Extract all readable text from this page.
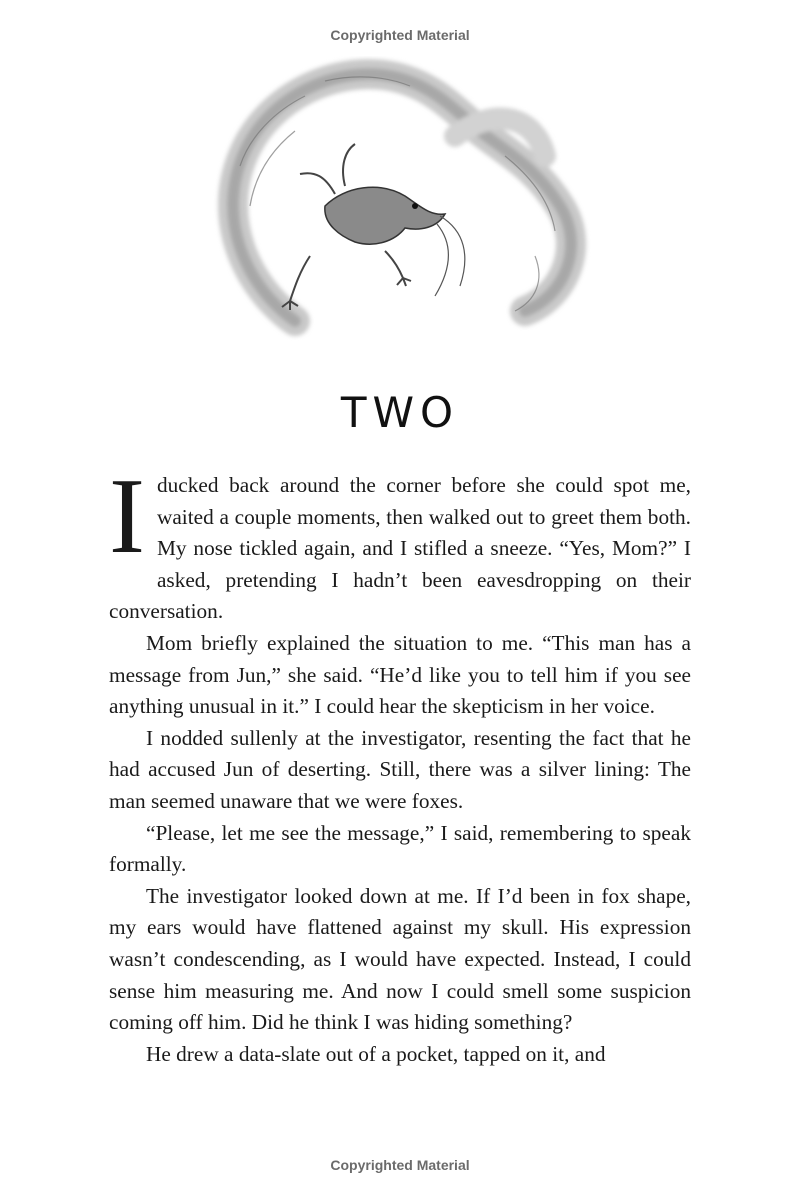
Copyrighted Material
TWO

I ducked back around the corner before she could spot me, waited a couple moments, then walked out to greet them both. My nose tickled again, and I stifled a sneeze. “Yes, Mom?” I asked, pretending I hadn’t been eavesdropping on their conversation.

Mom briefly explained the situation to me. “This man has a message from Jun,” she said. “He’d like you to tell him if you see anything unusual in it.” I could hear the skepticism in her voice.

I nodded sullenly at the investigator, resenting the fact that he had accused Jun of deserting. Still, there was a silver lining: The man seemed unaware that we were foxes.

“Please, let me see the message,” I said, remembering to speak formally.

The investigator looked down at me. If I’d been in fox shape, my ears would have flattened against my skull. His expression wasn’t condescending, as I would have expected. Instead, I could sense him measuring me. And now I could smell some suspicion coming off him. Did he think I was hiding something?

He drew a data-slate out of a pocket, tapped on it, and

Copyrighted Material
